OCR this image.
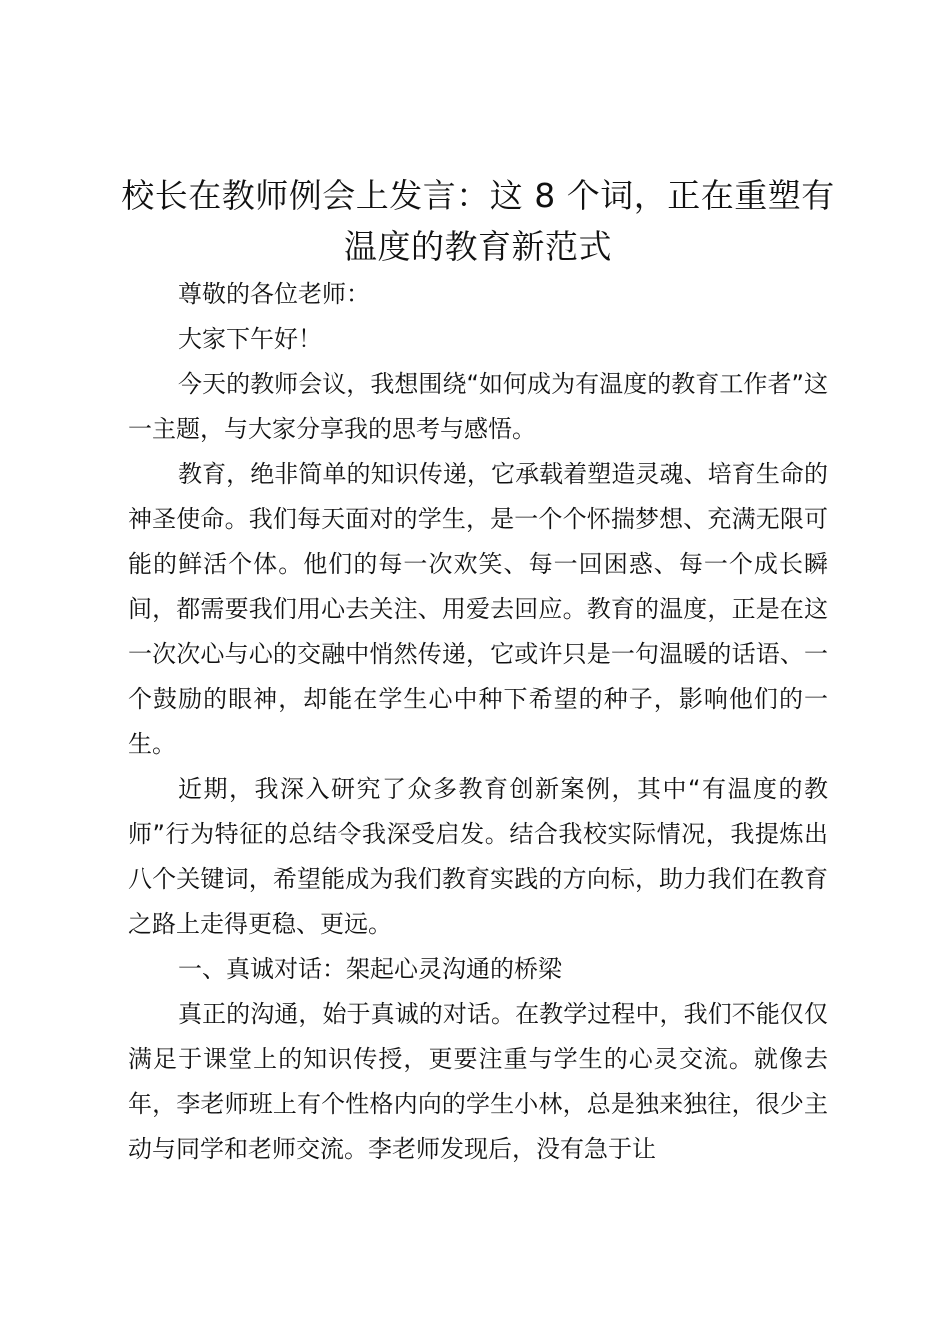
校长在教师例会上发言：这 8 个词，正在重塑有温度的教育新范式

尊敬的各位老师：

大家下午好！

今天的教师会议，我想围绕“如何成为有温度的教育工作者”这一主题，与大家分享我的思考与感悟。

教育，绝非简单的知识传递，它承载着塑造灵魂、培育生命的神圣使命。我们每天面对的学生，是一个个怀揣梦想、充满无限可能的鲜活个体。他们的每一次欢笑、每一回困惑、每一个成长瞬间，都需要我们用心去关注、用爱去回应。教育的温度，正是在这一次次心与心的交融中悄然传递，它或许只是一句温暖的话语、一个鼓励的眼神，却能在学生心中种下希望的种子，影响他们的一生。

近期，我深入研究了众多教育创新案例，其中“有温度的教师”行为特征的总结令我深受启发。结合我校实际情况，我提炼出八个关键词，希望能成为我们教育实践的方向标，助力我们在教育之路上走得更稳、更远。

一、真诚对话：架起心灵沟通的桥梁

真正的沟通，始于真诚的对话。在教学过程中，我们不能仅仅满足于课堂上的知识传授，更要注重与学生的心灵交流。就像去年，李老师班上有个性格内向的学生小林，总是独来独往，很少主动与同学和老师交流。李老师发现后，没有急于让
